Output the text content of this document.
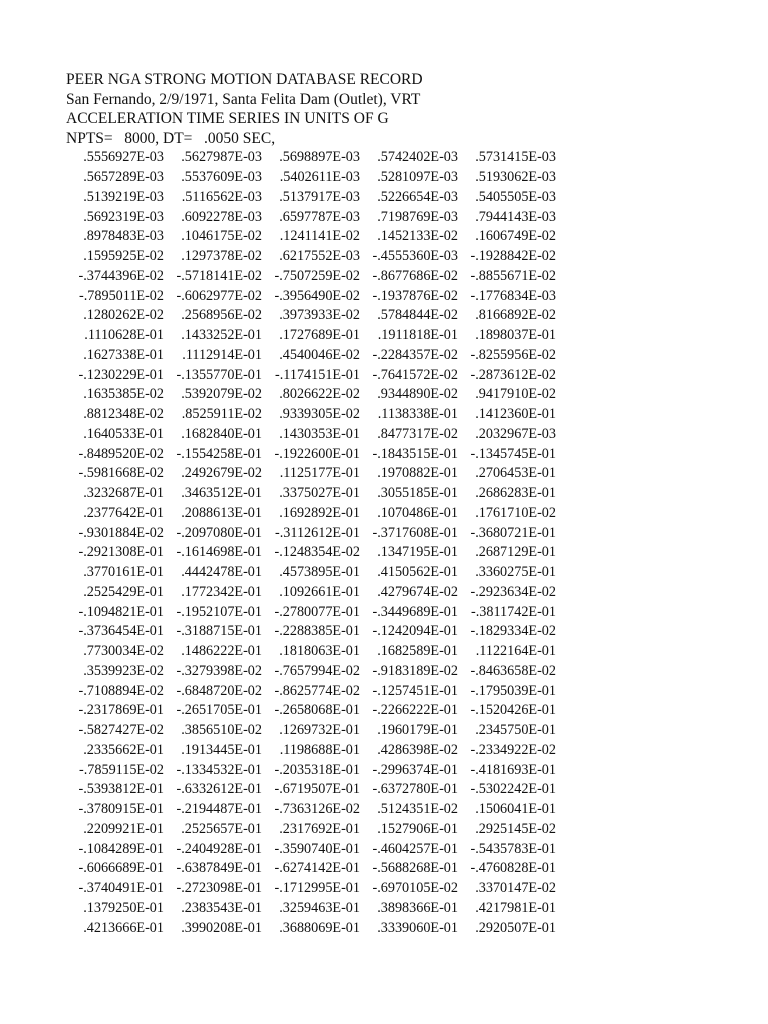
PEER NGA STRONG MOTION DATABASE RECORD
San Fernando, 2/9/1971, Santa Felita Dam (Outlet), VRT
ACCELERATION TIME SERIES IN UNITS OF G
NPTS=   8000, DT=   .0050 SEC,
.5556927E-03	.5627987E-03	.5698897E-03	.5742402E-03	.5731415E-03
.5657289E-03	.5537609E-03	.5402611E-03	.5281097E-03	.5193062E-03
.5139219E-03	.5116562E-03	.5137917E-03	.5226654E-03	.5405505E-03
.5692319E-03	.6092278E-03	.6597787E-03	.7198769E-03	.7944143E-03
.8978483E-03	.1046175E-02	.1241141E-02	.1452133E-02	.1606749E-02
.1595925E-02	.1297378E-02	.6217552E-03 -.4555360E-03 -.1928842E-02
-.3744396E-02 -.5718141E-02 -.7507259E-02 -.8677686E-02 -.8855671E-02
-.7895011E-02 -.6062977E-02 -.3956490E-02 -.1937876E-02 -.1776834E-03
.1280262E-02	.2568956E-02	.3973933E-02	.5784844E-02	.8166892E-02
.1110628E-01	.1433252E-01	.1727689E-01	.1911818E-01	.1898037E-01
.1627338E-01	.1112914E-01	.4540046E-02 -.2284357E-02 -.8255956E-02
-.1230229E-01 -.1355770E-01 -.1174151E-01 -.7641572E-02 -.2873612E-02
.1635385E-02	.5392079E-02	.8026622E-02	.9344890E-02	.9417910E-02
.8812348E-02	.8525911E-02	.9339305E-02	.1138338E-01	.1412360E-01
.1640533E-01	.1682840E-01	.1430353E-01	.8477317E-02	.2032967E-03
-.8489520E-02 -.1554258E-01 -.1922600E-01 -.1843515E-01 -.1345745E-01
-.5981668E-02	.2492679E-02	.1125177E-01	.1970882E-01	.2706453E-01
.3232687E-01	.3463512E-01	.3375027E-01	.3055185E-01	.2686283E-01
.2377642E-01	.2088613E-01	.1692892E-01	.1070486E-01	.1761710E-02
-.9301884E-02 -.2097080E-01 -.3112612E-01 -.3717608E-01 -.3680721E-01
-.2921308E-01 -.1614698E-01 -.1248354E-02	.1347195E-01	.2687129E-01
.3770161E-01	.4442478E-01	.4573895E-01	.4150562E-01	.3360275E-01
.2525429E-01	.1772342E-01	.1092661E-01	.4279674E-02 -.2923634E-02
-.1094821E-01 -.1952107E-01 -.2780077E-01 -.3449689E-01 -.3811742E-01
-.3736454E-01 -.3188715E-01 -.2288385E-01 -.1242094E-01 -.1829334E-02
.7730034E-02	.1486222E-01	.1818063E-01	.1682589E-01	.1122164E-01
.3539923E-02 -.3279398E-02 -.7657994E-02 -.9183189E-02 -.8463658E-02
-.7108894E-02 -.6848720E-02 -.8625774E-02 -.1257451E-01 -.1795039E-01
-.2317869E-01 -.2651705E-01 -.2658068E-01 -.2266222E-01 -.1520426E-01
-.5827427E-02	.3856510E-02	.1269732E-01	.1960179E-01	.2345750E-01
.2335662E-01	.1913445E-01	.1198688E-01	.4286398E-02 -.2334922E-02
-.7859115E-02 -.1334532E-01 -.2035318E-01 -.2996374E-01 -.4181693E-01
-.5393812E-01 -.6332612E-01 -.6719507E-01 -.6372780E-01 -.5302242E-01
-.3780915E-01 -.2194487E-01 -.7363126E-02	.5124351E-02	.1506041E-01
.2209921E-01	.2525657E-01	.2317692E-01	.1527906E-01	.2925145E-02
-.1084289E-01 -.2404928E-01 -.3590740E-01 -.4604257E-01 -.5435783E-01
-.6066689E-01 -.6387849E-01 -.6274142E-01 -.5688268E-01 -.4760828E-01
-.3740491E-01 -.2723098E-01 -.1712995E-01 -.6970105E-02	.3370147E-02
.1379250E-01	.2383543E-01	.3259463E-01	.3898366E-01	.4217981E-01
.4213666E-01	.3990208E-01	.3688069E-01	.3339060E-01	.2920507E-01
